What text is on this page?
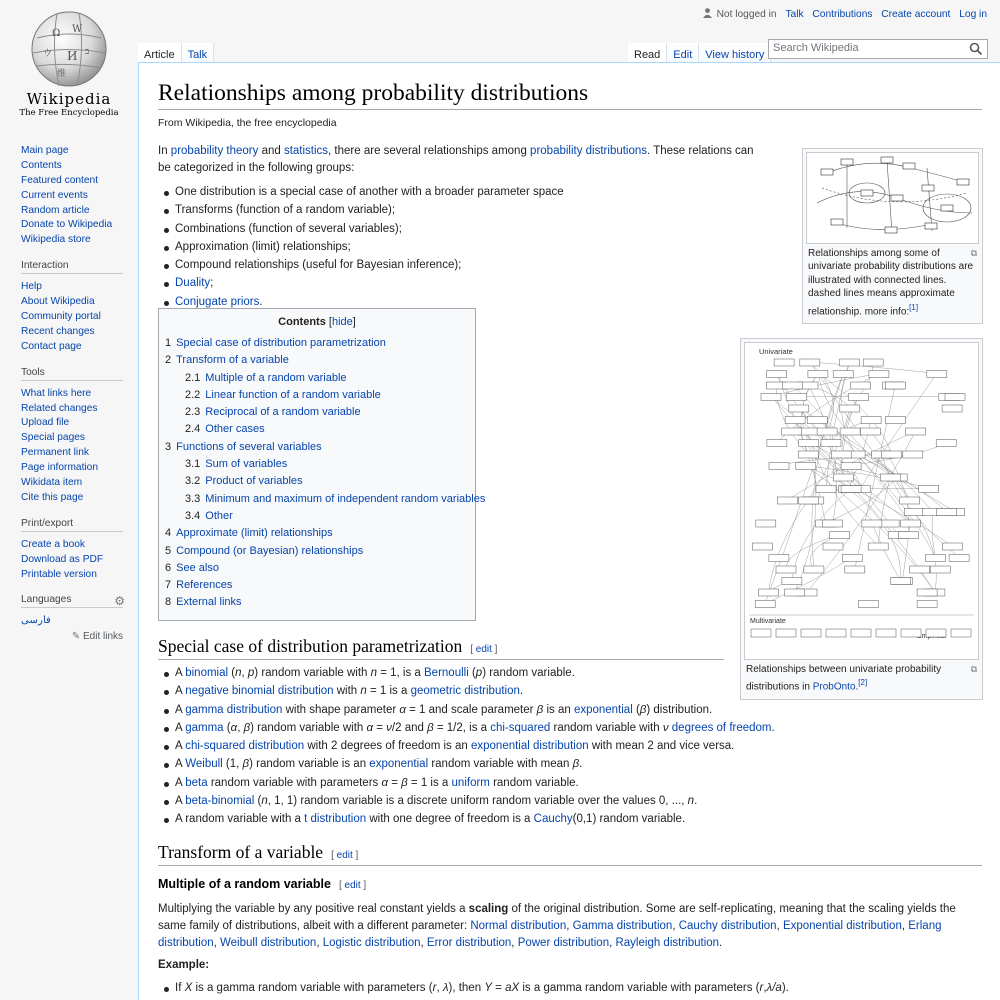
Ω W
ウ И ב
维
Wikipedia
The Free Encyclopedia
Main page
Contents
Featured content
Current events
Random article
Donate to Wikipedia
Wikipedia store
Interaction
Help
About Wikipedia
Community portal
Recent changes
Contact page
Tools
What links here
Related changes
Upload file
Special pages
Permanent link
Page information
Wikidata item
Cite this page
Print/export
Create a book
Download as PDF
Printable version
Languages	⚙
فارسی
✎ Edit links
Not logged in Talk Contributions Create account Log in
Article Talk	Read Edit View history
Search Wikipedia
Relationships among probability distributions
From Wikipedia, the free encyclopedia

In probability theory and statistics, there are several relationships among probability distributions. These relations can be categorized in the following groups:

One distribution is a special case of another with a broader parameter space
Transforms (function of a random variable);
Combinations (function of several variables);
Approximation (limit) relationships;
Compound relationships (useful for Bayesian inference);
Duality;
Conjugate priors.
Contents [hide]
1 Special case of distribution parametrization
2 Transform of a variable
2.1 Multiple of a random variable
2.2 Linear function of a random variable
2.3 Reciprocal of a random variable
2.4 Other cases
3 Functions of several variables
3.1 Sum of variables
3.2 Product of variables
3.3 Minimum and maximum of independent random variables
3.4 Other
4 Approximate (limit) relationships
5 Compound (or Bayesian) relationships
6 See also
7 References
8 External links
Special case of distribution parametrization [ edit ]
A binomial (n, p) random variable with n = 1, is a Bernoulli (p) random variable.
A negative binomial distribution with n = 1 is a geometric distribution.
A gamma distribution with shape parameter α = 1 and scale parameter β is an exponential (β) distribution.
A gamma (α, β) random variable with α = ν/2 and β = 1/2, is a chi-squared random variable with ν degrees of freedom.
A chi-squared distribution with 2 degrees of freedom is an exponential distribution with mean 2 and vice versa.
A Weibull (1, β) random variable is an exponential random variable with mean β.
A beta random variable with parameters α = β = 1 is a uniform random variable.
A beta-binomial (n, 1, 1) random variable is a discrete uniform random variable over the values 0, ..., n.
A random variable with a t distribution with one degree of freedom is a Cauchy(0,1) random variable.
Transform of a variable [ edit ]
Multiple of a random variable [ edit ]

Multiplying the variable by any positive real constant yields a scaling of the original distribution. Some are self-replicating, meaning that the scaling yields the same family of distributions, albeit with a different parameter: Normal distribution, Gamma distribution, Cauchy distribution, Exponential distribution, Erlang distribution, Weibull distribution, Logistic distribution, Error distribution, Power distribution, Rayleigh distribution.

Example:

If X is a gamma random variable with parameters (r, λ), then Y = aX is a gamma random variable with parameters (r,λ/a).
⧉
Relationships among some of univariate probability distributions are illustrated with connected lines. dashed lines means approximate relationship. more info:[1]
Univariate
Multivariate
⧉
Relationships between univariate probability distributions in ProbOnto.[2]
